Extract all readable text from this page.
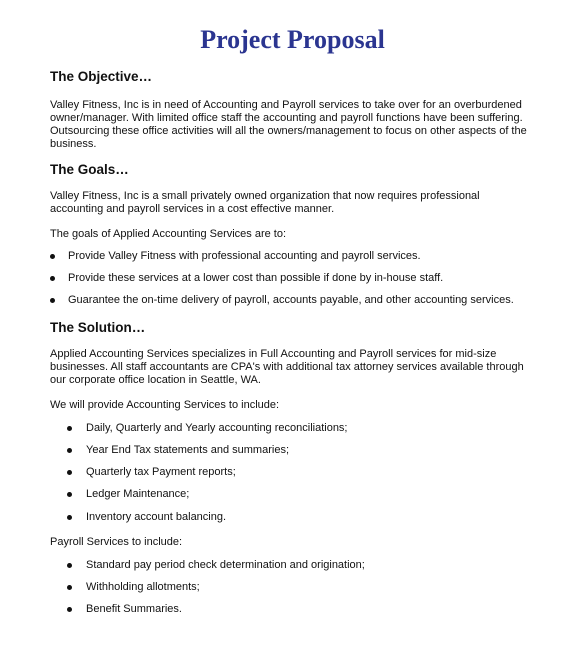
Project Proposal
The Objective…

Valley Fitness, Inc is in need of Accounting and Payroll services to take over for an overburdened
owner/manager. With limited office staff the accounting and payroll functions have been suffering.
Outsourcing these office activities will all the owners/management to focus on other aspects of the
business.

The Goals…

Valley Fitness, Inc is a small privately owned organization that now requires professional
accounting and payroll services in a cost effective manner.

The goals of Applied Accounting Services are to:

Provide Valley Fitness with professional accounting and payroll services.

Provide these services at a lower cost than possible if done by in-house staff.

Guarantee the on-time delivery of payroll, accounts payable, and other accounting services.

The Solution…

Applied Accounting Services specializes in Full Accounting and Payroll services for mid-size
businesses. All staff accountants are CPA's with additional tax attorney services available through
our corporate office location in Seattle, WA.

We will provide Accounting Services to include:

Daily, Quarterly and Yearly accounting reconciliations;

Year End Tax statements and summaries;

Quarterly tax Payment reports;

Ledger Maintenance;

Inventory account balancing.

Payroll Services to include:

Standard pay period check determination and origination;

Withholding allotments;

Benefit Summaries.
